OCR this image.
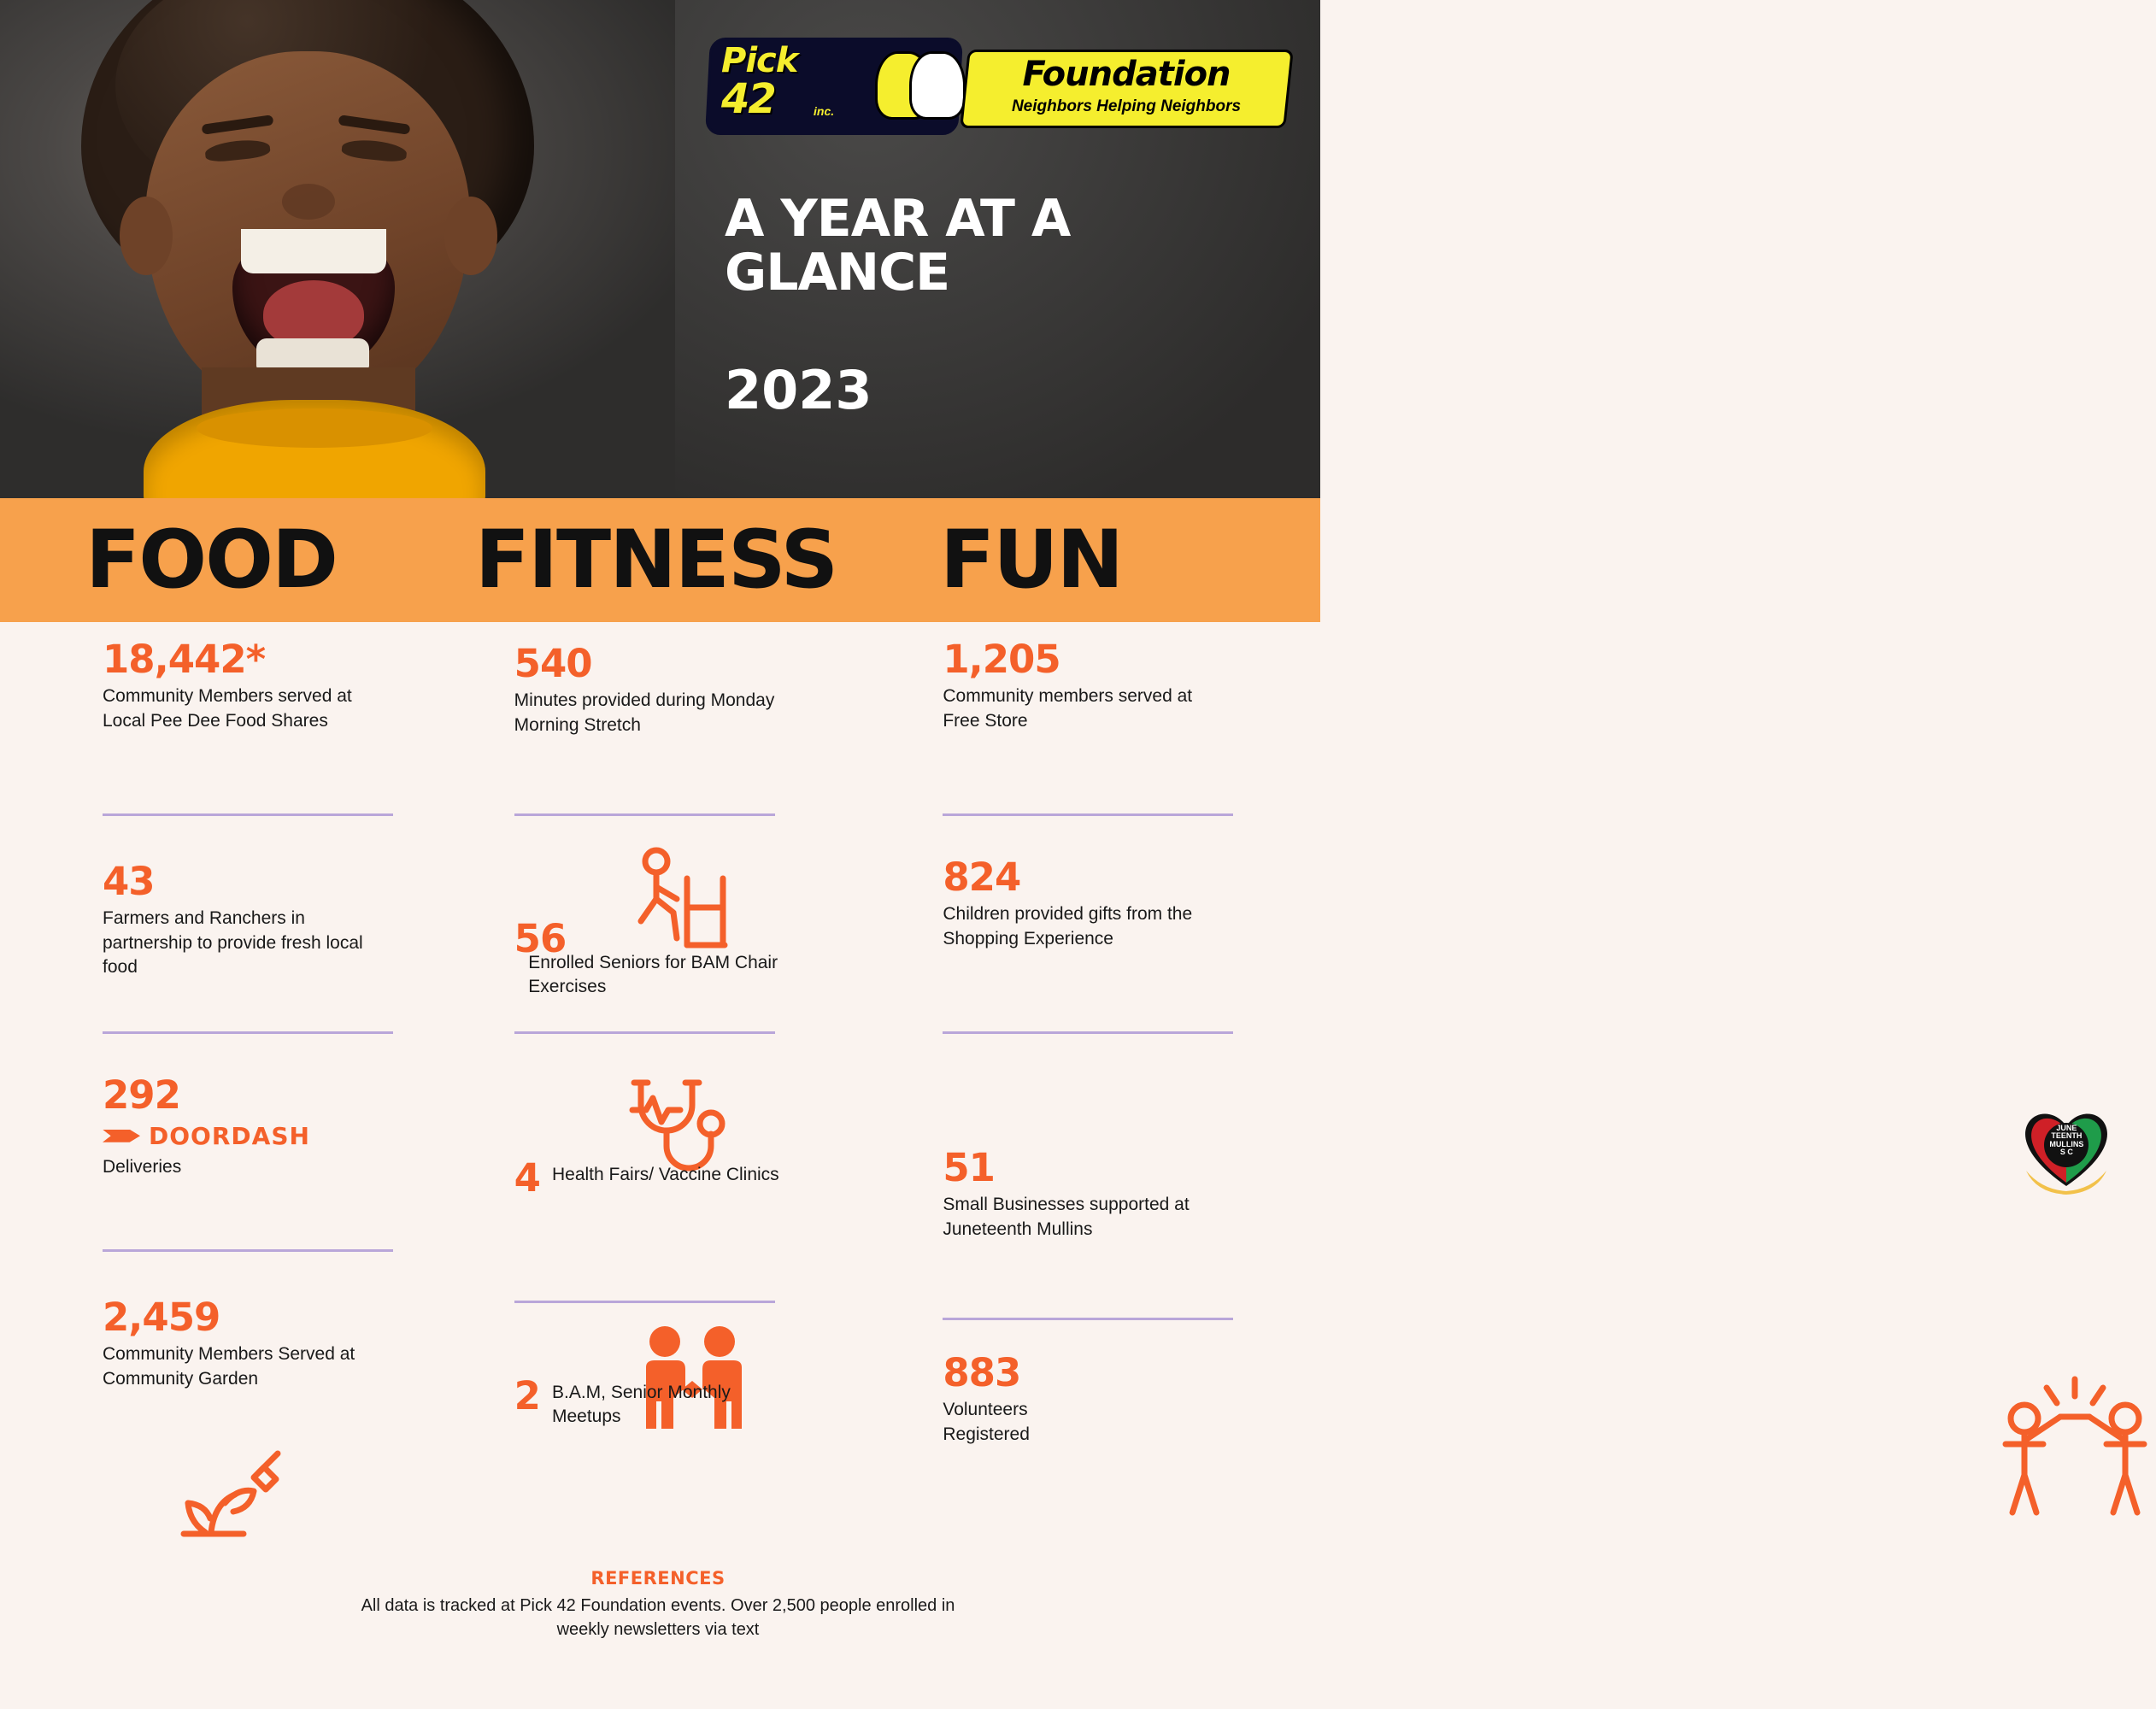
Pick
42	inc.
Foundation
Neighbors Helping Neighbors
A YEAR AT A GLANCE
2023
FOOD	FITNESS	FUN
18,442*
Community Members served at Local Pee Dee Food Shares
43
Farmers and Ranchers in partnership to provide fresh local food
292
DOORDASH
Deliveries
2,459
Community Members Served at Community Garden
540
Minutes provided during Monday Morning Stretch
56
Enrolled Seniors for BAM Chair Exercises
4 Health Fairs/ Vaccine Clinics
2 B.A.M, Senior Monthly Meetups
1,205
Community members served at Free Store
824
Children provided gifts from the Shopping Experience
JUNE
TEENTH
MULLINS
S C
51
Small Businesses supported at Juneteenth Mullins
883
Volunteers Registered
REFERENCES
All data is tracked at Pick 42 Foundation events. Over 2,500 people enrolled in weekly newsletters via text
